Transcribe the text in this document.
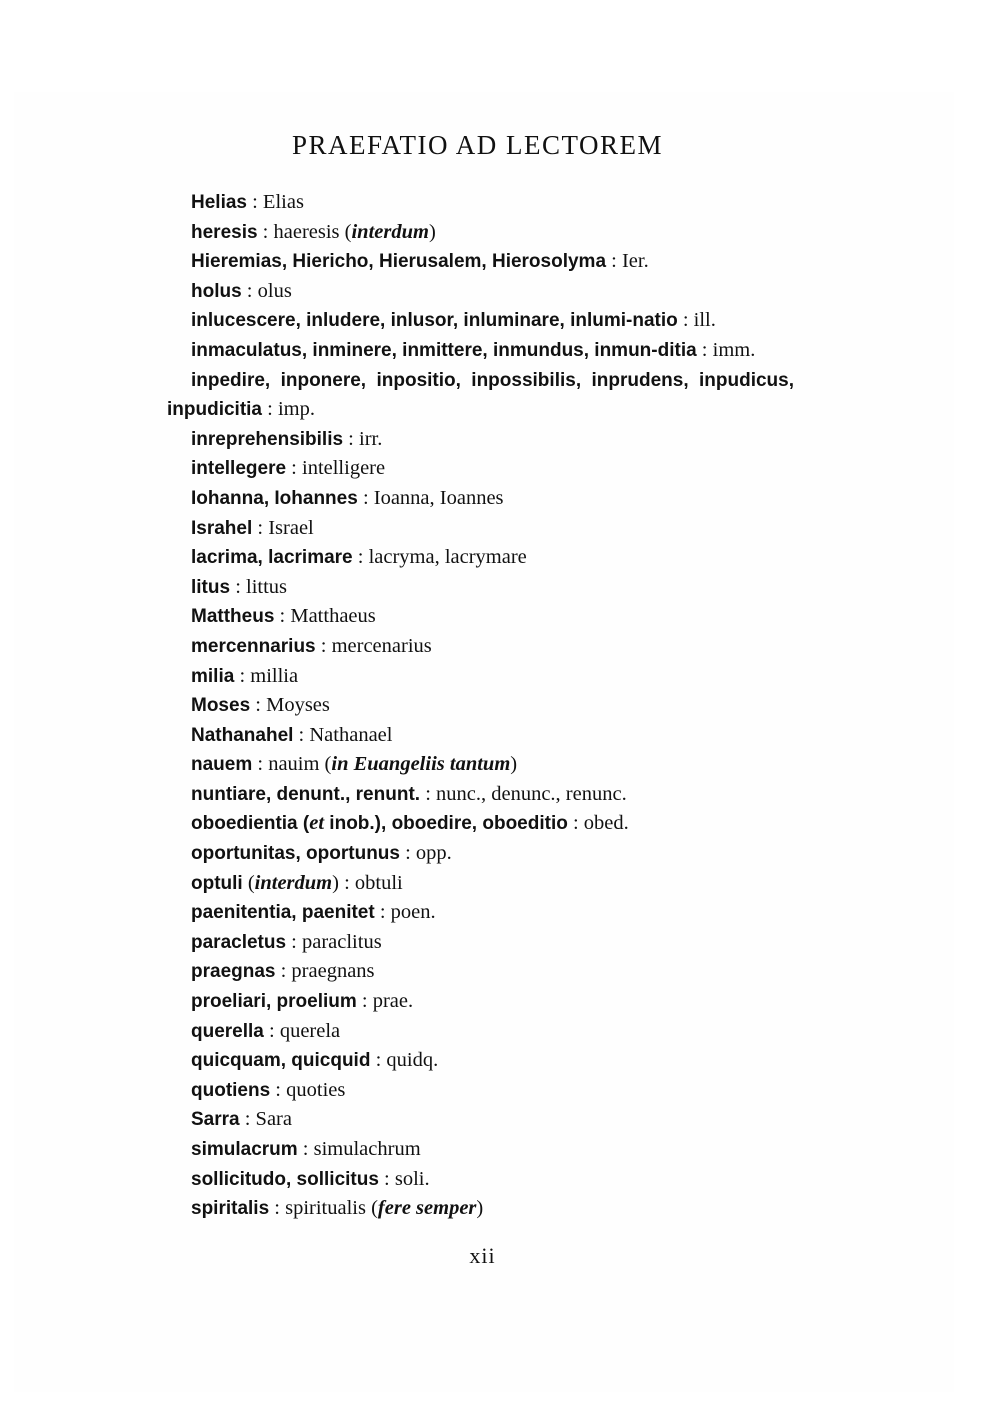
PRAEFATIO AD LECTOREM

Helias : Elias

heresis : haeresis (interdum)

Hieremias, Hiericho, Hierusalem, Hierosolyma : Ier.

holus : olus

inlucescere, inludere, inlusor, inluminare, inlumi-natio : ill.

inmaculatus, inminere, inmittere, inmundus, inmun-ditia : imm.

inpedire, inponere, inpositio, inpossibilis, inprudens, inpudicus, inpudicitia : imp.

inreprehensibilis : irr.

intellegere : intelligere

Iohanna, Iohannes : Ioanna, Ioannes

Israhel : Israel

lacrima, lacrimare : lacryma, lacrymare

litus : littus

Mattheus : Matthaeus

mercennarius : mercenarius

milia : millia

Moses : Moyses

Nathanahel : Nathanael

nauem : nauim (in Euangeliis tantum)

nuntiare, denunt., renunt. : nunc., denunc., renunc.

oboedientia (et inob.), oboedire, oboeditio : obed.

oportunitas, oportunus : opp.

optuli (interdum) : obtuli

paenitentia, paenitet : poen.

paracletus : paraclitus

praegnas : praegnans

proeliari, proelium : prae.

querella : querela

quicquam, quicquid : quidq.

quotiens : quoties

Sarra : Sara

simulacrum : simulachrum

sollicitudo, sollicitus : soli.

spiritalis : spiritualis (fere semper)

xii
